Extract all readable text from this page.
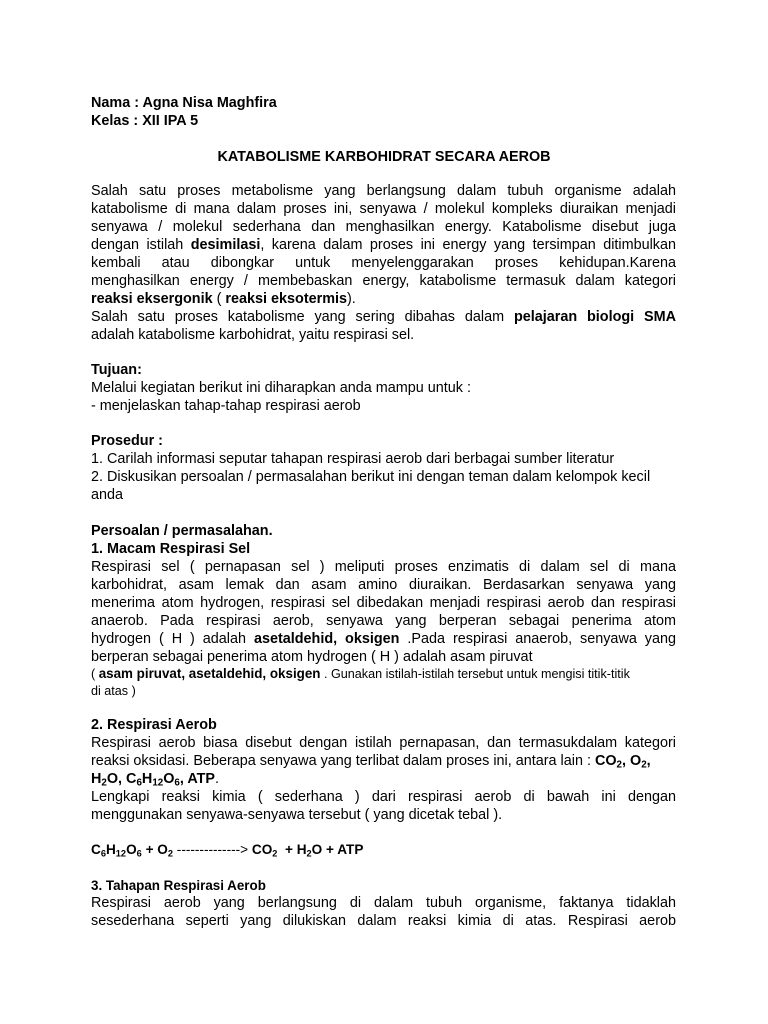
Nama : Agna Nisa Maghfira
Kelas : XII IPA 5
KATABOLISME KARBOHIDRAT SECARA AEROB
Salah satu proses metabolisme yang berlangsung dalam tubuh organisme adalah
katabolisme di mana dalam proses ini, senyawa / molekul kompleks diuraikan menjadi
senyawa / molekul sederhana dan menghasilkan energy. Katabolisme disebut juga
dengan istilah desimilasi, karena dalam proses ini energy yang tersimpan ditimbulkan
kembali atau dibongkar untuk menyelenggarakan proses kehidupan.Karena
menghasilkan energy / membebaskan energy, katabolisme termasuk dalam kategori
reaksi eksergonik ( reaksi eksotermis).
Salah satu proses katabolisme yang sering dibahas dalam pelajaran biologi SMA
adalah katabolisme karbohidrat, yaitu respirasi sel.
Tujuan:
Melalui kegiatan berikut ini diharapkan anda mampu untuk :
- menjelaskan tahap-tahap respirasi aerob
Prosedur :
1. Carilah informasi seputar tahapan respirasi aerob dari berbagai sumber literatur
2. Diskusikan persoalan / permasalahan berikut ini dengan teman dalam kelompok kecil
anda
Persoalan / permasalahan.
1. Macam Respirasi Sel
Respirasi sel ( pernapasan sel ) meliputi proses enzimatis di dalam sel di mana
karbohidrat, asam lemak dan asam amino diuraikan. Berdasarkan senyawa yang
menerima atom hydrogen, respirasi sel dibedakan menjadi respirasi aerob dan respirasi
anaerob. Pada respirasi aerob, senyawa yang berperan sebagai penerima atom
hydrogen ( H ) adalah asetaldehid, oksigen .Pada respirasi anaerob, senyawa yang
berperan sebagai penerima atom hydrogen ( H ) adalah asam piruvat
( asam piruvat, asetaldehid, oksigen . Gunakan istilah-istilah tersebut untuk mengisi titik-titik
di atas )
2. Respirasi Aerob
Respirasi aerob biasa disebut dengan istilah pernapasan, dan termasukdalam kategori
reaksi oksidasi. Beberapa senyawa yang terlibat dalam proses ini, antara lain : $CO_2$, $O_2$,
$H_2O$, $C_6H_{12}O_6$, ATP.
Lengkapi reaksi kimia ( sederhana ) dari respirasi aerob di bawah ini dengan
menggunakan senyawa-senyawa tersebut ( yang dicetak tebal ).
$C_6H_{12}O_6 + O_2$ --------------> $CO_2 + H_2O$ + ATP
3. Tahapan Respirasi Aerob
Respirasi aerob yang berlangsung di dalam tubuh organisme, faktanya tidaklah
sesederhana seperti yang dilukiskan dalam reaksi kimia di atas. Respirasi aerob
